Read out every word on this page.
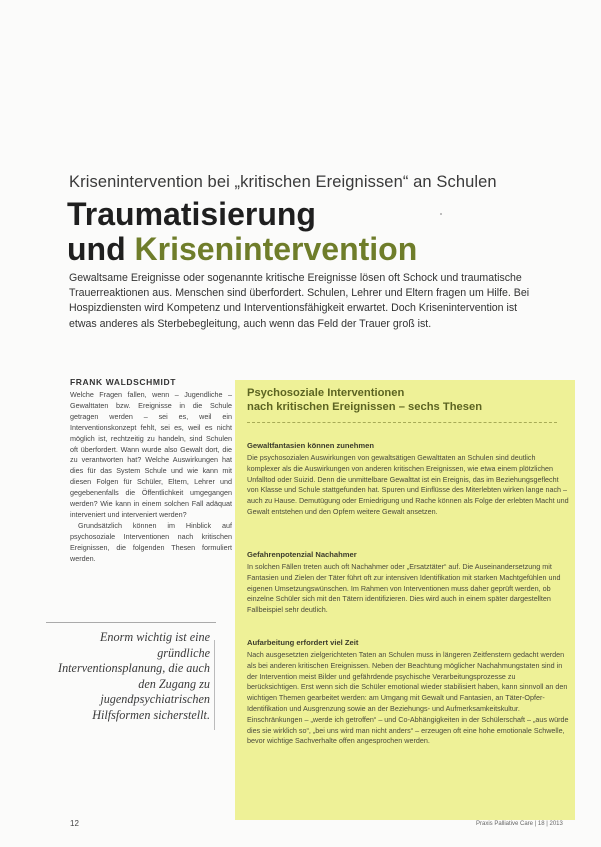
Krisenintervention bei „kritischen Ereignissen“ an Schulen
Traumatisierung
und Krisenintervention
Gewaltsame Ereignisse oder sogenannte kritische Ereignisse lösen oft Schock und traumatische Trauerreaktionen aus. Menschen sind überfordert. Schulen, Lehrer und Eltern fragen um Hilfe. Bei Hospizdiensten wird Kompetenz und Interventionsfähigkeit erwartet. Doch Krisenintervention ist etwas anderes als Sterbebegleitung, auch wenn das Feld der Trauer groß ist.
FRANK WALDSCHMIDT

Welche Fragen fallen, wenn – Jugendliche – Gewalttaten bzw. Ereignisse in die Schule getragen werden – sei es, weil ein Interventionskonzept fehlt, sei es, weil es nicht möglich ist, rechtzeitig zu handeln, sind Schulen oft überfordert. Wann wurde also Gewalt dort, die zu verantworten hat? Welche Auswirkungen hat dies für das System Schule und wie kann mit diesen Folgen für Schüler, Eltern, Lehrer und gegebenenfalls die Öffentlichkeit umgegangen werden? Wie kann in einem solchen Fall adäquat interveniert und interveniert werden?

Grundsätzlich können im Hinblick auf psychosoziale Interventionen nach kritischen Ereignissen, die folgenden Thesen formuliert werden.

Enorm wichtig ist eine gründliche Interventionsplanung, die auch den Zugang zu jugendpsychiatrischen Hilfsformen sicherstellt.
Psychosoziale Interventionen
nach kritischen Ereignissen – sechs Thesen
Gewaltfantasien können zunehmen
Die psychosozialen Auswirkungen von gewaltsätigen Gewalttaten an Schulen sind deutlich komplexer als die Auswirkungen von anderen kritischen Ereignissen, wie etwa einem plötzlichen Unfalltod oder Suizid. Denn die unmittelbare Gewalttat ist ein Ereignis, das im Beziehungsgeflecht von Klasse und Schule stattgefunden hat. Spuren und Einflüsse des Miterlebten wirken lange nach – auch zu Hause. Demutügung oder Erniedrigung und Rache können als Folge der erlebten Macht und Gewalt entstehen und den Opfern weitere Gewalt ansetzen.
Gefahrenpotenzial Nachahmer
In solchen Fällen treten auch oft Nachahmer oder „Ersatztäter“ auf. Die Auseinandersetzung mit Fantasien und Zielen der Täter führt oft zur intensiven Identifikation mit starken Machtgefühlen und eigenen Umsetzungswünschen. Im Rahmen von Interventionen muss daher geprüft werden, ob einzelne Schüler sich mit den Tätern identifizieren. Dies wird auch in einem später dargestellten Fallbeispiel sehr deutlich.
Aufarbeitung erfordert viel Zeit
Nach ausgesetzten zielgerichteten Taten an Schulen muss in längeren Zeitfenstern gedacht werden als bei anderen kritischen Ereignissen. Neben der Beachtung möglicher Nachahmungstaten sind in der Intervention meist Bilder und gefährdende psychische Verarbeitungsprozesse zu berücksichtigen. Erst wenn sich die Schüler emotional wieder stabilisiert haben, kann sinnvoll an den wichtigen Themen gearbeitet werden: am Umgang mit Gewalt und Fantasien, an Täter-Opfer-Identifikation und Ausgrenzung sowie an der Beziehungs- und Aufmerksamkeitskultur. Einschränkungen – „werde ich getroffen“ – und Co-Abhängigkeiten in der Schülerschaft – „aus würde dies sie wirklich so“, „bei uns wird man nicht anders“ – erzeugen oft eine hohe emotionale Schwelle, bevor wichtige Sachverhalte offen angesprochen werden.
12	Praxis Palliative Care | 18 | 2013
